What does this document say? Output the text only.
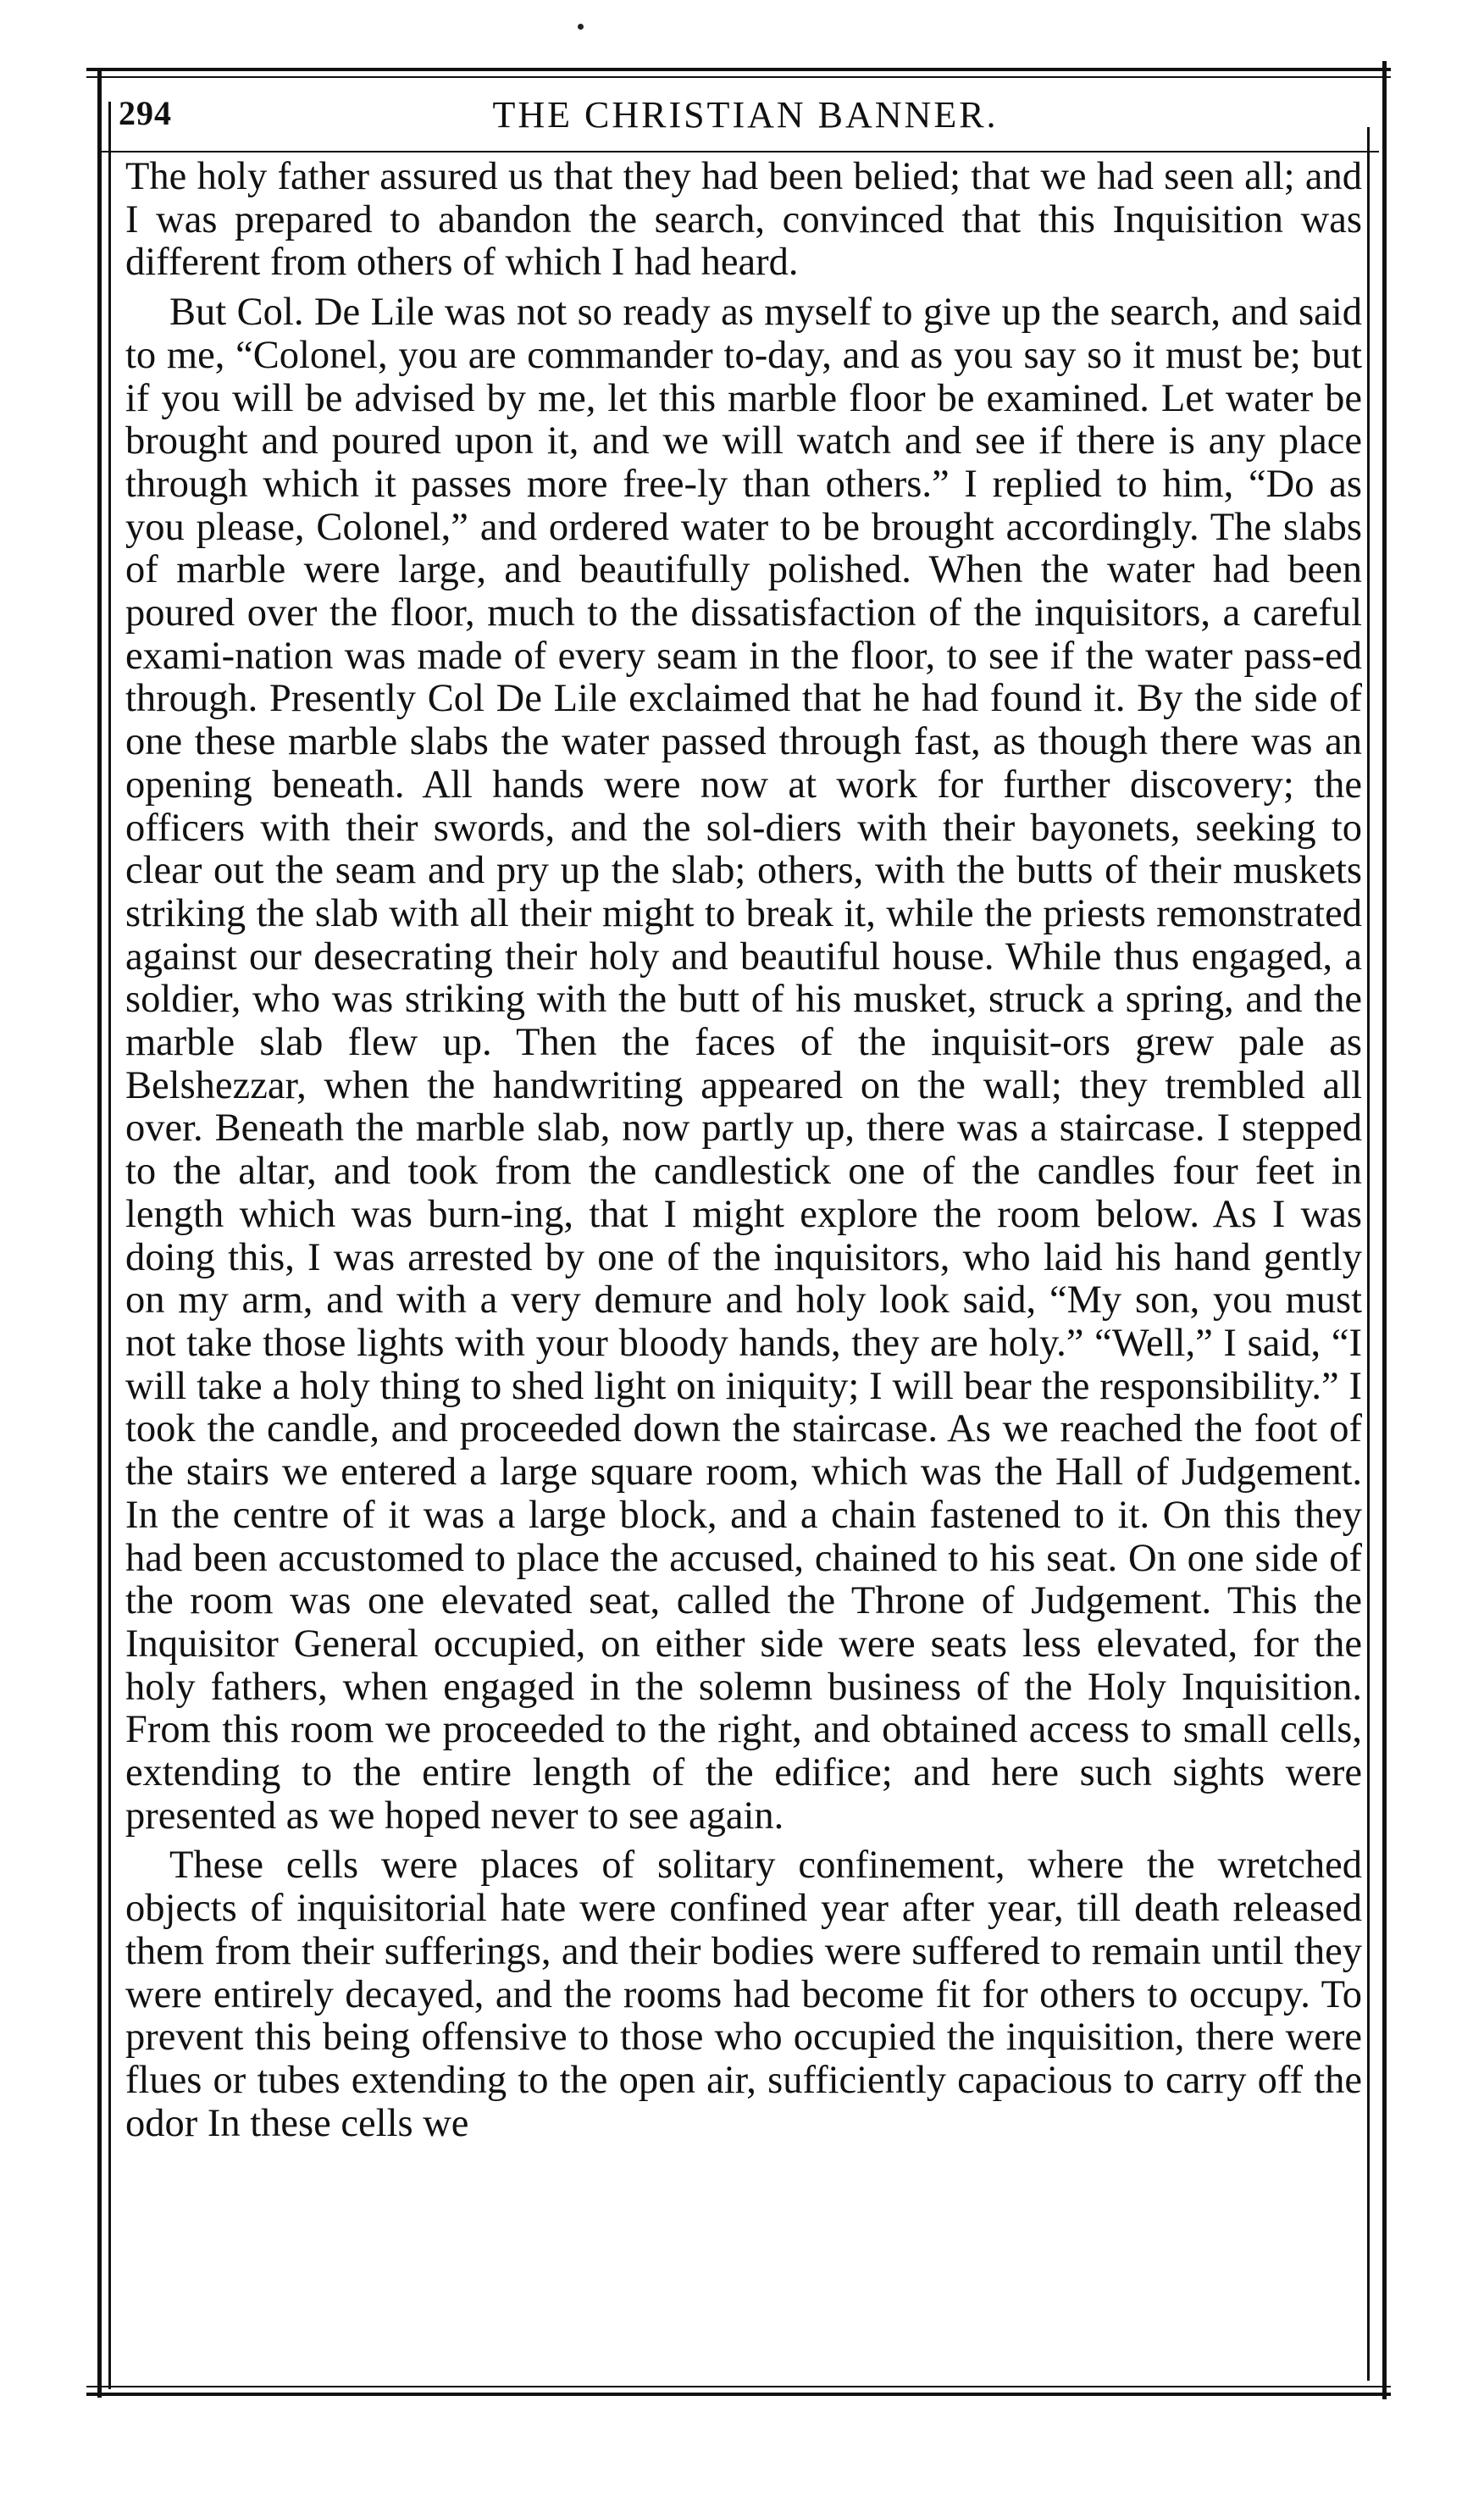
294	THE CHRISTIAN BANNER.

The holy father assured us that they had been belied; that we had seen all; and I was prepared to abandon the search, convinced that this Inquisition was different from others of which I had heard.

But Col. De Lile was not so ready as myself to give up the search, and said to me, “Colonel, you are commander to-day, and as you say so it must be; but if you will be advised by me, let this marble floor be examined. Let water be brought and poured upon it, and we will watch and see if there is any place through which it passes more free-ly than others.” I replied to him, “Do as you please, Colonel,” and ordered water to be brought accordingly. The slabs of marble were large, and beautifully polished. When the water had been poured over the floor, much to the dissatisfaction of the inquisitors, a careful exami-nation was made of every seam in the floor, to see if the water pass-ed through. Presently Col De Lile exclaimed that he had found it. By the side of one these marble slabs the water passed through fast, as though there was an opening beneath. All hands were now at work for further discovery; the officers with their swords, and the sol-diers with their bayonets, seeking to clear out the seam and pry up the slab; others, with the butts of their muskets striking the slab with all their might to break it, while the priests remonstrated against our desecrating their holy and beautiful house. While thus engaged, a soldier, who was striking with the butt of his musket, struck a spring, and the marble slab flew up. Then the faces of the inquisit-ors grew pale as Belshezzar, when the handwriting appeared on the wall; they trembled all over. Beneath the marble slab, now partly up, there was a staircase. I stepped to the altar, and took from the candlestick one of the candles four feet in length which was burn-ing, that I might explore the room below. As I was doing this, I was arrested by one of the inquisitors, who laid his hand gently on my arm, and with a very demure and holy look said, “My son, you must not take those lights with your bloody hands, they are holy.” “Well,” I said, “I will take a holy thing to shed light on iniquity; I will bear the responsibility.” I took the candle, and proceeded down the staircase. As we reached the foot of the stairs we entered a large square room, which was the Hall of Judgement. In the centre of it was a large block, and a chain fastened to it. On this they had been accustomed to place the accused, chained to his seat. On one side of the room was one elevated seat, called the Throne of Judgement. This the Inquisitor General occupied, on either side were seats less elevated, for the holy fathers, when engaged in the solemn business of the Holy Inquisition. From this room we proceeded to the right, and obtained access to small cells, extending to the entire length of the edifice; and here such sights were presented as we hoped never to see again.

These cells were places of solitary confinement, where the wretched objects of inquisitorial hate were confined year after year, till death released them from their sufferings, and their bodies were suffered to remain until they were entirely decayed, and the rooms had become fit for others to occupy. To prevent this being offensive to those who occupied the inquisition, there were flues or tubes extending to the open air, sufficiently capacious to carry off the odor In these cells we
